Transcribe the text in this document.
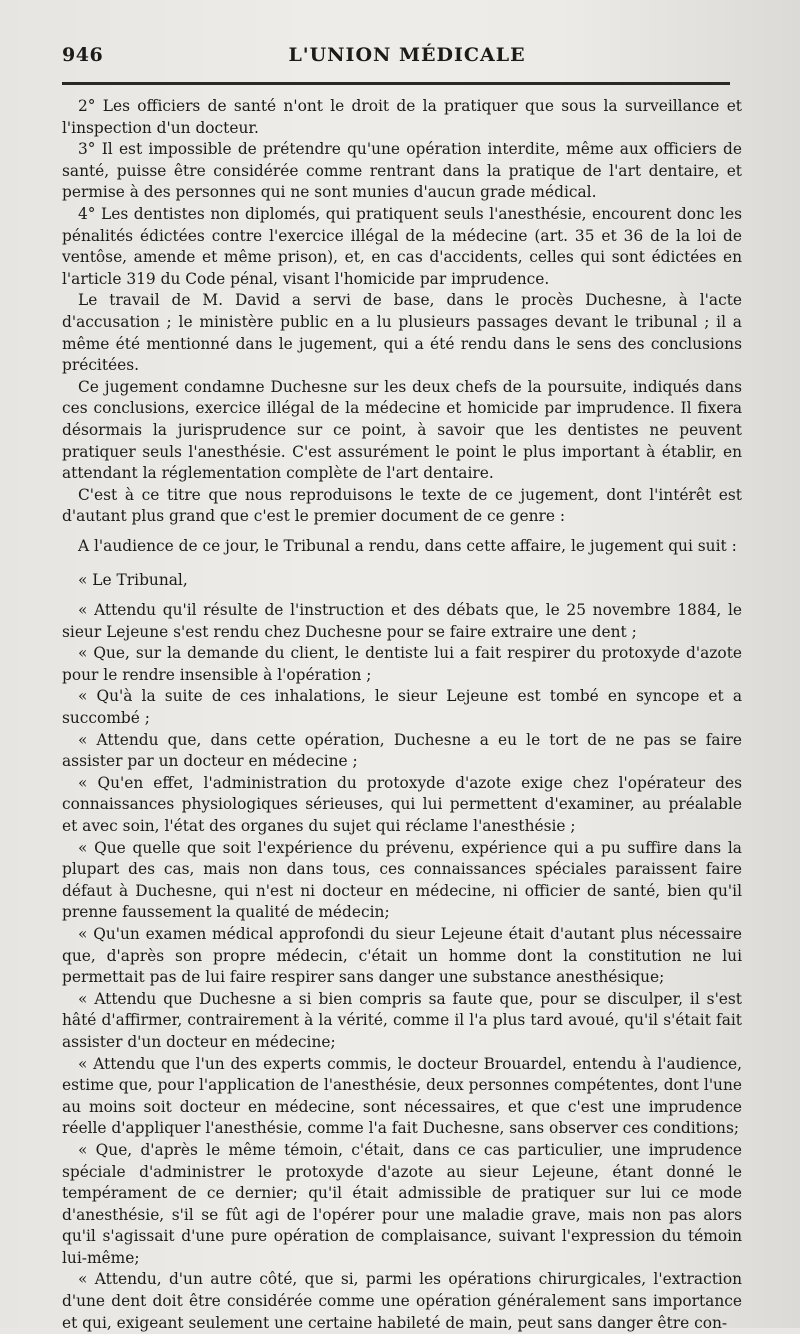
946	L'UNION MÉDICALE

2° Les officiers de santé n'ont le droit de la pratiquer que sous la surveillance et l'inspection d'un docteur.

3° Il est impossible de prétendre qu'une opération interdite, même aux officiers de santé, puisse être considérée comme rentrant dans la pratique de l'art dentaire, et permise à des personnes qui ne sont munies d'aucun grade médical.

4° Les dentistes non diplomés, qui pratiquent seuls l'anesthésie, encourent donc les pénalités édictées contre l'exercice illégal de la médecine (art. 35 et 36 de la loi de ventôse, amende et même prison), et, en cas d'accidents, celles qui sont édictées en l'article 319 du Code pénal, visant l'homicide par imprudence.

Le travail de M. David a servi de base, dans le procès Duchesne, à l'acte d'accusation ; le ministère public en a lu plusieurs passages devant le tribunal ; il a même été mentionné dans le jugement, qui a été rendu dans le sens des conclusions précitées.

Ce jugement condamne Duchesne sur les deux chefs de la poursuite, indiqués dans ces conclusions, exercice illégal de la médecine et homicide par imprudence. Il fixera désormais la jurisprudence sur ce point, à savoir que les dentistes ne peuvent pratiquer seuls l'anesthésie. C'est assurément le point le plus important à établir, en attendant la réglementation complète de l'art dentaire.

C'est à ce titre que nous reproduisons le texte de ce jugement, dont l'intérêt est d'autant plus grand que c'est le premier document de ce genre :

A l'audience de ce jour, le Tribunal a rendu, dans cette affaire, le jugement qui suit :

« Le Tribunal,

« Attendu qu'il résulte de l'instruction et des débats que, le 25 novembre 1884, le sieur Lejeune s'est rendu chez Duchesne pour se faire extraire une dent ;

« Que, sur la demande du client, le dentiste lui a fait respirer du protoxyde d'azote pour le rendre insensible à l'opération ;

« Qu'à la suite de ces inhalations, le sieur Lejeune est tombé en syncope et a succombé ;

« Attendu que, dans cette opération, Duchesne a eu le tort de ne pas se faire assister par un docteur en médecine ;

« Qu'en effet, l'administration du protoxyde d'azote exige chez l'opérateur des connaissances physiologiques sérieuses, qui lui permettent d'examiner, au préalable et avec soin, l'état des organes du sujet qui réclame l'anesthésie ;

« Que quelle que soit l'expérience du prévenu, expérience qui a pu suffire dans la plupart des cas, mais non dans tous, ces connaissances spéciales paraissent faire défaut à Duchesne, qui n'est ni docteur en médecine, ni officier de santé, bien qu'il prenne faussement la qualité de médecin;

« Qu'un examen médical approfondi du sieur Lejeune était d'autant plus nécessaire que, d'après son propre médecin, c'était un homme dont la constitution ne lui permettait pas de lui faire respirer sans danger une substance anesthésique;

« Attendu que Duchesne a si bien compris sa faute que, pour se disculper, il s'est hâté d'affirmer, contrairement à la vérité, comme il l'a plus tard avoué, qu'il s'était fait assister d'un docteur en médecine;

« Attendu que l'un des experts commis, le docteur Brouardel, entendu à l'audience, estime que, pour l'application de l'anesthésie, deux personnes compétentes, dont l'une au moins soit docteur en médecine, sont nécessaires, et que c'est une imprudence réelle d'appliquer l'anesthésie, comme l'a fait Duchesne, sans observer ces conditions;

« Que, d'après le même témoin, c'était, dans ce cas particulier, une imprudence spéciale d'administrer le protoxyde d'azote au sieur Lejeune, étant donné le tempérament de ce dernier; qu'il était admissible de pratiquer sur lui ce mode d'anesthésie, s'il se fût agi de l'opérer pour une maladie grave, mais non pas alors qu'il s'agissait d'une pure opération de complaisance, suivant l'expression du témoin lui-même;

« Attendu, d'un autre côté, que si, parmi les opérations chirurgicales, l'extraction d'une dent doit être considérée comme une opération généralement sans importance et qui, exigeant seulement une certaine habileté de main, peut sans danger être con-
